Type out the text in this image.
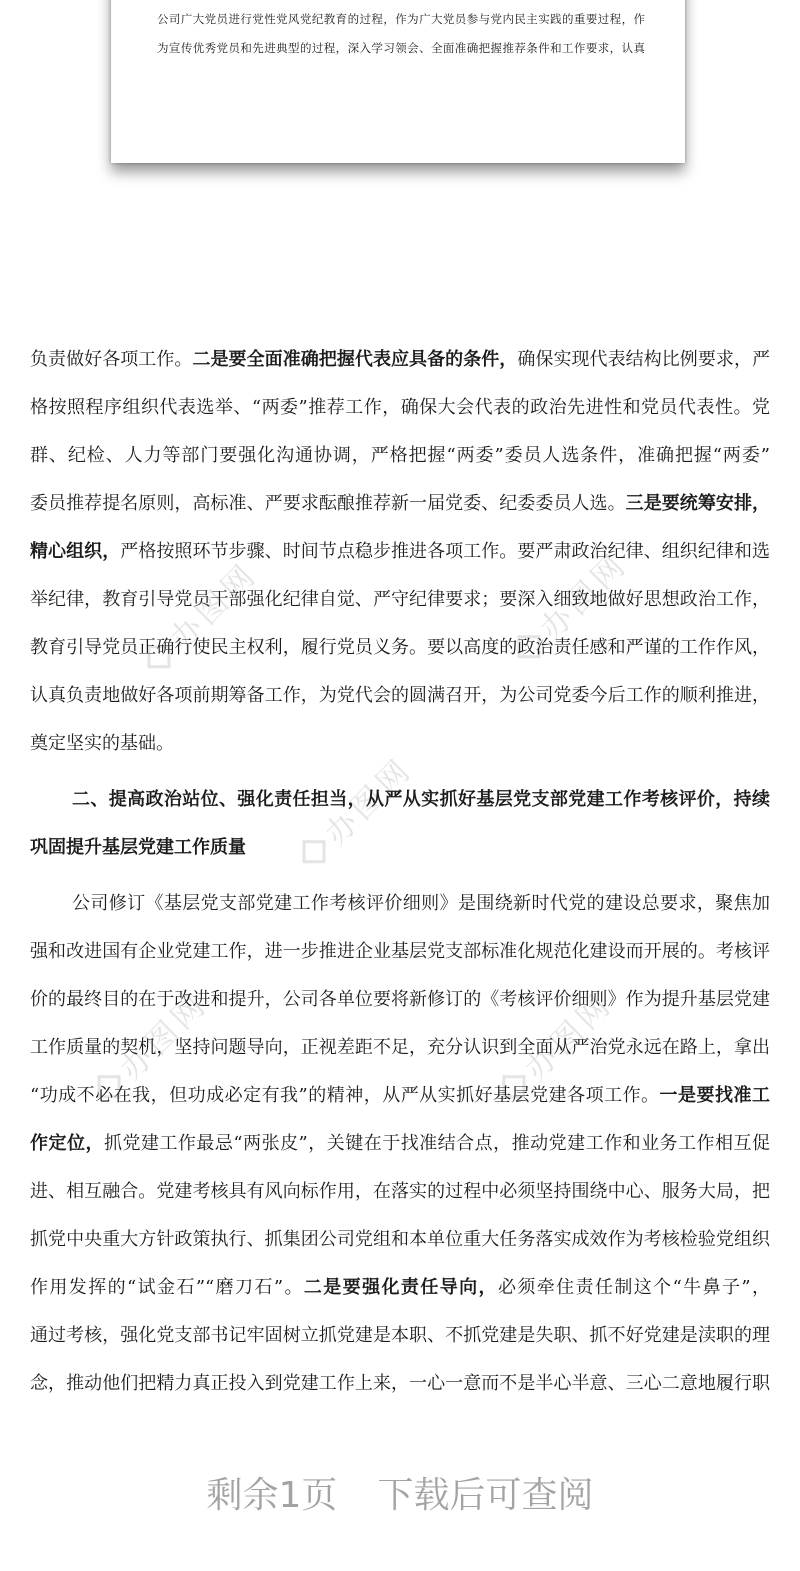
办图网	办图网
办图网
办图网	办图网
公司广大党员进行党性党风党纪教育的过程，作为广大党员参与党内民主实践的重要过程，作
为宣传优秀党员和先进典型的过程，深入学习领会、全面准确把握推荐条件和工作要求，认真
负责做好各项工作。二是要全面准确把握代表应具备的条件，确保实现代表结构比例要求，严
格按照程序组织代表选举、“两委”推荐工作，确保大会代表的政治先进性和党员代表性。党
群、纪检、人力等部门要强化沟通协调，严格把握“两委”委员人选条件，准确把握“两委”
委员推荐提名原则，高标准、严要求酝酿推荐新一届党委、纪委委员人选。三是要统筹安排，
精心组织，严格按照环节步骤、时间节点稳步推进各项工作。要严肃政治纪律、组织纪律和选
举纪律，教育引导党员干部强化纪律自觉、严守纪律要求；要深入细致地做好思想政治工作，
教育引导党员正确行使民主权利，履行党员义务。要以高度的政治责任感和严谨的工作作风，
认真负责地做好各项前期筹备工作，为党代会的圆满召开，为公司党委今后工作的顺利推进，
奠定坚实的基础。
二、提高政治站位、强化责任担当，从严从实抓好基层党支部党建工作考核评价，持续
巩固提升基层党建工作质量
公司修订《基层党支部党建工作考核评价细则》是围绕新时代党的建设总要求，聚焦加
强和改进国有企业党建工作，进一步推进企业基层党支部标准化规范化建设而开展的。考核评
价的最终目的在于改进和提升，公司各单位要将新修订的《考核评价细则》作为提升基层党建
工作质量的契机，坚持问题导向，正视差距不足，充分认识到全面从严治党永远在路上，拿出
“功成不必在我，但功成必定有我”的精神，从严从实抓好基层党建各项工作。一是要找准工
作定位，抓党建工作最忌“两张皮”，关键在于找准结合点，推动党建工作和业务工作相互促
进、相互融合。党建考核具有风向标作用，在落实的过程中必须坚持围绕中心、服务大局，把
抓党中央重大方针政策执行、抓集团公司党组和本单位重大任务落实成效作为考核检验党组织
作用发挥的“试金石”“磨刀石”。二是要强化责任导向，必须牵住责任制这个“牛鼻子”，
通过考核，强化党支部书记牢固树立抓党建是本职、不抓党建是失职、抓不好党建是渎职的理
念，推动他们把精力真正投入到党建工作上来，一心一意而不是半心半意、三心二意地履行职
剩余1页 下载后可查阅
